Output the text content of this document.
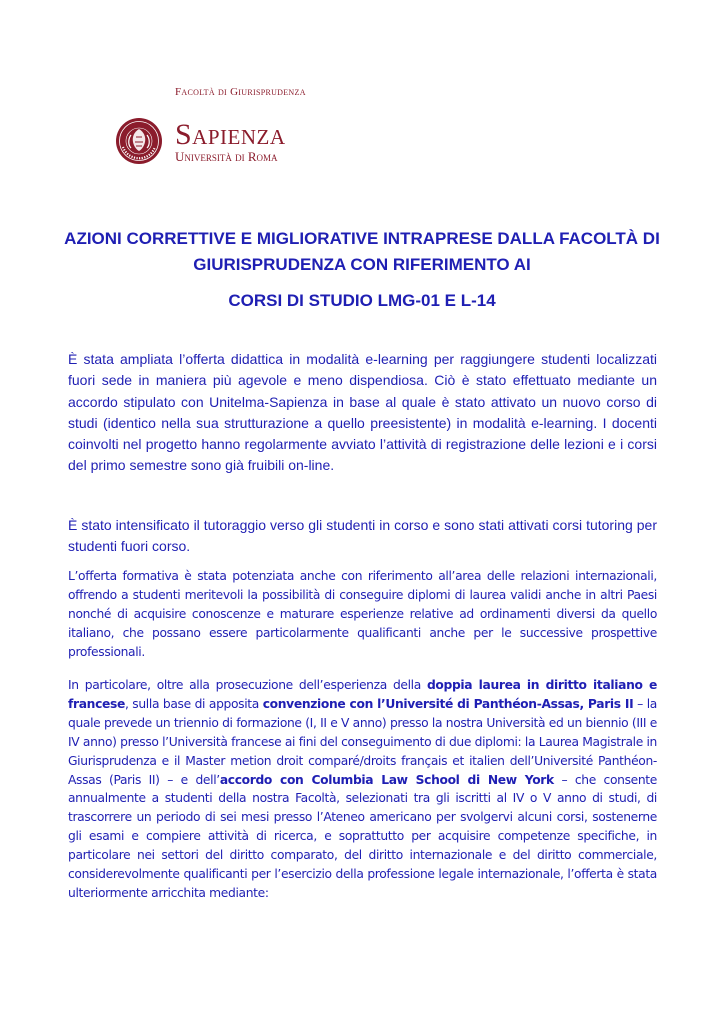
Facoltà di Giurisprudenza
Sapienza
Università di Roma
AZIONI CORRETTIVE E MIGLIORATIVE INTRAPRESE DALLA FACOLTÀ DI GIURISPRUDENZA CON RIFERIMENTO AI
CORSI DI STUDIO LMG-01 E L-14

È stata ampliata l’offerta didattica in modalità e-learning per raggiungere studenti localizzati fuori sede in maniera più agevole e meno dispendiosa. Ciò è stato effettuato mediante un accordo stipulato con Unitelma-Sapienza in base al quale è stato attivato un nuovo corso di studi (identico nella sua strutturazione a quello preesistente) in modalità e-learning. I docenti coinvolti nel progetto hanno regolarmente avviato l’attività di registrazione delle lezioni e i corsi del primo semestre sono già fruibili on-line.

È stato intensificato il tutoraggio verso gli studenti in corso e sono stati attivati corsi tutoring per studenti fuori corso.

L’offerta formativa è stata potenziata anche con riferimento all’area delle relazioni internazionali, offrendo a studenti meritevoli la possibilità di conseguire diplomi di laurea validi anche in altri Paesi nonché di acquisire conoscenze e maturare esperienze relative ad ordinamenti diversi da quello italiano, che possano essere particolarmente qualificanti anche per le successive prospettive professionali.

In particolare, oltre alla prosecuzione dell’esperienza della doppia laurea in diritto italiano e francese, sulla base di apposita convenzione con l’Université di Panthéon-Assas, Paris II – la quale prevede un triennio di formazione (I, II e V anno) presso la nostra Università ed un biennio (III e IV anno) presso l’Università francese ai fini del conseguimento di due diplomi: la Laurea Magistrale in Giurisprudenza e il Master metion droit comparé/droits français et italien dell’Université Panthéon-Assas (Paris II) – e dell’accordo con Columbia Law School di New York – che consente annualmente a studenti della nostra Facoltà, selezionati tra gli iscritti al IV o V anno di studi, di trascorrere un periodo di sei mesi presso l’Ateneo americano per svolgervi alcuni corsi, sostenerne gli esami e compiere attività di ricerca, e soprattutto per acquisire competenze specifiche, in particolare nei settori del diritto comparato, del diritto internazionale e del diritto commerciale, considerevolmente qualificanti per l’esercizio della professione legale internazionale, l’offerta è stata ulteriormente arricchita mediante:
